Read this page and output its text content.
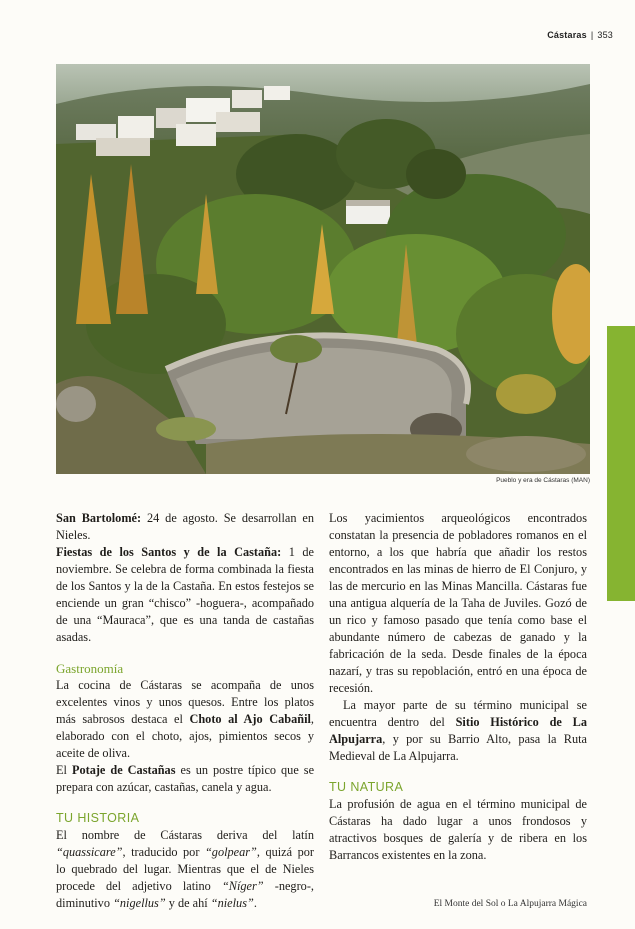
Cástaras | 353
Pueblo y era de Cástaras (MAN)

San Bartolomé: 24 de agosto. Se desarrollan en Nieles.

Fiestas de los Santos y de la Castaña: 1 de noviembre. Se celebra de forma combinada la fiesta de los Santos y la de la Castaña. En estos festejos se enciende un gran “chisco” -hoguera-, acompañado de una “Mauraca”, que es una tanda de castañas asadas.

Gastronomía

La cocina de Cástaras se acompaña de unos excelentes vinos y unos quesos. Entre los platos más sabrosos destaca el Choto al Ajo Cabañil, elaborado con el choto, ajos, pimientos secos y aceite de oliva.

El Potaje de Castañas es un postre típico que se prepara con azúcar, castañas, canela y agua.

TU HISTORIA

El nombre de Cástaras deriva del latín “quassicare”, traducido por “golpear”, quizá por lo quebrado del lugar. Mientras que el de Nieles procede del adjetivo latino “Níger” -negro-, diminutivo “nigellus” y de ahí “nielus”.

Los yacimientos arqueológicos encontrados constatan la presencia de pobladores romanos en el entorno, a los que habría que añadir los restos encontrados en las minas de hierro de El Conjuro, y las de mercurio en las Minas Mancilla. Cástaras fue una antigua alquería de la Taha de Juviles. Gozó de un rico y famoso pasado que tenía como base el abundante número de cabezas de ganado y la fabricación de la seda. Desde finales de la época nazarí, y tras su repoblación, entró en una época de recesión.

La mayor parte de su término municipal se encuentra dentro del Sitio Histórico de La Alpujarra, y por su Barrio Alto, pasa la Ruta Medieval de La Alpujarra.

TU NATURA

La profusión de agua en el término municipal de Cástaras ha dado lugar a unos frondosos y atractivos bosques de galería y de ribera en los Barrancos existentes en la zona.

El Monte del Sol o La Alpujarra Mágica
